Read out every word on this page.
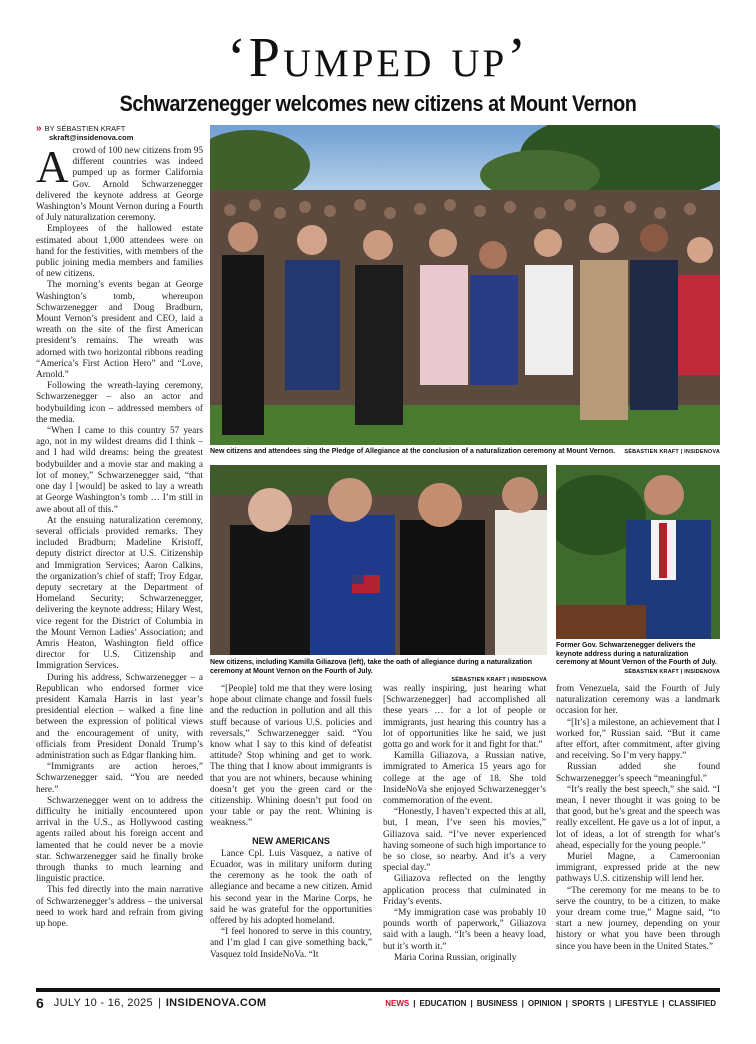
‘Pumped up’
Schwarzenegger welcomes new citizens at Mount Vernon
» BY SÉBASTIEN KRAFT
skraft@insidenova.com

Acrowd of 100 new citizens from 95 different countries was indeed pumped up as former California Gov. Arnold Schwarzenegger delivered the keynote address at George Washington’s Mount Vernon during a Fourth of July naturalization ceremony.

Employees of the hallowed estate estimated about 1,000 attendees were on hand for the festivities, with members of the public joining media members and families of new citizens.

The morning’s events began at George Washington’s tomb, whereupon Schwarzenegger and Doug Bradburn, Mount Vernon’s president and CEO, laid a wreath on the site of the first American president’s remains. The wreath was adorned with two horizontal ribbons reading “America’s First Action Hero” and “Love, Arnold.”

Following the wreath-laying ceremony, Schwarzenegger – also an actor and bodybuilding icon – addressed members of the media.

“When I came to this country 57 years ago, not in my wildest dreams did I think – and I had wild dreams: being the greatest bodybuilder and a movie star and making a lot of money,” Schwarzenegger said, “that one day I [would] be asked to lay a wreath at George Washington’s tomb … I’m still in awe about all of this.”

At the ensuing naturalization ceremony, several officials provided remarks. They included Bradburn; Madeline Kristoff, deputy district director at U.S. Citizenship and Immigration Services; Aaron Calkins, the organization’s chief of staff; Troy Edgar, deputy secretary at the Department of Homeland Security; Schwarzenegger, delivering the keynote address; Hilary West, vice regent for the District of Columbia in the Mount Vernon Ladies’ Association; and Amris Heaton, Washington field office director for U.S. Citizenship and Immigration Services.

During his address, Schwarzenegger – a Republican who endorsed former vice president Kamala Harris in last year’s presidential election – walked a fine line between the expression of political views and the encouragement of unity, with officials from President Donald Trump’s administration such as Edgar flanking him.

“Immigrants are action heroes,” Schwarzenegger said. “You are needed here.”

Schwarzenegger went on to address the difficulty he initially encountered upon arrival in the U.S., as Hollywood casting agents railed about his foreign accent and lamented that he could never be a movie star. Schwarzenegger said he finally broke through thanks to much learning and linguistic practice.

This fed directly into the main narrative of Schwarzenegger’s address – the universal need to work hard and refrain from giving up hope.

New citizens and attendees sing the Pledge of Allegiance at the conclusion of a naturalization ceremony at Mount Vernon. SÉBASTIEN KRAFT | INSIDENOVA
New citizens, including Kamilla Giliazova (left), take the oath of allegiance during a naturalization ceremony at Mount Vernon on the Fourth of July.
SÉBASTIEN KRAFT | INSIDENOVA
Former Gov. Schwarzenegger delivers the keynote address during a naturalization ceremony at Mount Vernon of the Fourth of July.
SÉBASTIEN KRAFT | INSIDENOVA

“[People] told me that they were losing hope about climate change and fossil fuels and the reduction in pollution and all this stuff because of various U.S. policies and reversals,” Schwarzenegger said. “You know what I say to this kind of defeatist attitude? Stop whining and get to work. The thing that I know about immigrants is that you are not whiners, because whining doesn’t get you the green card or the citizenship. Whining doesn’t put food on your table or pay the rent. Whining is weakness.”

NEW AMERICANS

Lance Cpl. Luis Vasquez, a native of Ecuador, was in military uniform during the ceremony as he took the oath of allegiance and became a new citizen. Amid his second year in the Marine Corps, he said he was grateful for the opportunities offered by his adopted homeland.

“I feel honored to serve in this country, and I’m glad I can give something back,” Vasquez told InsideNoVa. “It

was really inspiring, just hearing what [Schwarzenegger] had accomplished all these years … for a lot of people or immigrants, just hearing this country has a lot of opportunities like he said, we just gotta go and work for it and fight for that.”

Kamilla Giliazova, a Russian native, immigrated to America 15 years ago for college at the age of 18. She told InsideNoVa she enjoyed Schwarzenegger’s commemoration of the event.

“Honestly, I haven’t expected this at all, but, I mean, I’ve seen his movies,” Giliazova said. “I’ve never experienced having someone of such high importance to be so close, so nearby. And it’s a very special day.”

Giliazova reflected on the lengthy application process that culminated in Friday’s events.

“My immigration case was probably 10 pounds worth of paperwork,” Giliazova said with a laugh. “It’s been a heavy load, but it’s worth it.”

Maria Corina Russian, originally

from Venezuela, said the Fourth of July naturalization ceremony was a landmark occasion for her.

“[It’s] a milestone, an achievement that I worked for,” Russian said. “But it came after effort, after commitment, after giving and receiving. So I’m very happy.”

Russian added she found Schwarzenegger’s speech “meaningful.”

“It’s really the best speech,” she said. “I mean, I never thought it was going to be that good, but he’s great and the speech was really excellent. He gave us a lot of input, a lot of ideas, a lot of strength for what’s ahead, especially for the young people.”

Muriel Magne, a Cameroonian immigrant, expressed pride at the new pathways U.S. citizenship will lend her.

“The ceremony for me means to be to serve the country, to be a citizen, to make your dream come true,” Magne said, “to start a new journey, depending on your history or what you have been through since you have been in the United States.”

6 JULY 10 - 16, 2025 | INSIDENOVA.COM	NEWS | EDUCATION | BUSINESS | OPINION | SPORTS | LIFESTYLE | CLASSIFIED
